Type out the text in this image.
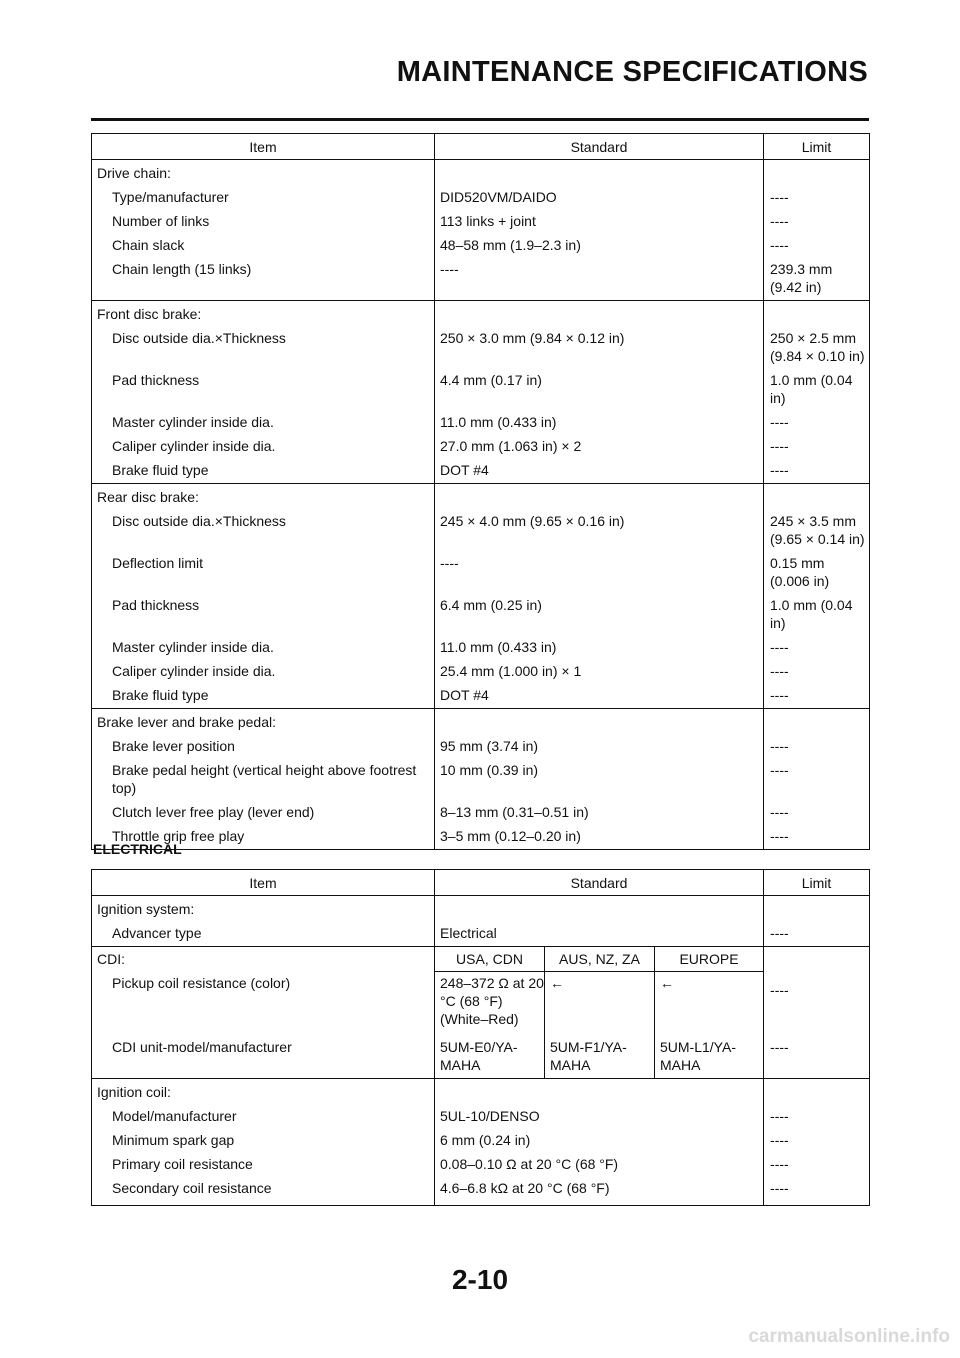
MAINTENANCE SPECIFICATIONS
Item	Standard	Limit
Drive chain:		
Type/manufacturer	DID520VM/DAIDO	----
Number of links	113 links + joint	----
Chain slack	48–58 mm (1.9–2.3 in)	----
Chain length (15 links)	----	239.3 mm (9.42 in)
Front disc brake:		
Disc outside dia.×Thickness	250 × 3.0 mm (9.84 × 0.12 in)	250 × 2.5 mm (9.84 × 0.10 in)
Pad thickness	4.4 mm (0.17 in)	1.0 mm (0.04 in)
Master cylinder inside dia.	11.0 mm (0.433 in)	----
Caliper cylinder inside dia.	27.0 mm (1.063 in) × 2	----
Brake fluid type	DOT #4	----
Rear disc brake:		
Disc outside dia.×Thickness	245 × 4.0 mm (9.65 × 0.16 in)	245 × 3.5 mm (9.65 × 0.14 in)
Deflection limit	----	0.15 mm (0.006 in)
Pad thickness	6.4 mm (0.25 in)	1.0 mm (0.04 in)
Master cylinder inside dia.	11.0 mm (0.433 in)	----
Caliper cylinder inside dia.	25.4 mm (1.000 in) × 1	----
Brake fluid type	DOT #4	----
Brake lever and brake pedal:		
Brake lever position	95 mm (3.74 in)	----
Brake pedal height (vertical height above footrest top)	10 mm (0.39 in)	----
Clutch lever free play (lever end)	8–13 mm (0.31–0.51 in)	----
Throttle grip free play	3–5 mm (0.12–0.20 in)	----
ELECTRICAL
Item	Standard			Limit
Ignition system:				
Advancer type	Electrical			----
CDI:	USA, CDN	AUS, NZ, ZA	EUROPE	----
Pickup coil resistance (color)	248–372 Ω at 20 °C (68 °F) (White–Red)	←	←	
CDI unit-model/manufacturer	5UM-E0/YA-MAHA	5UM-F1/YA-MAHA	5UM-L1/YA-MAHA	----
Ignition coil:				
Model/manufacturer	5UL-10/DENSO			----
Minimum spark gap	6 mm (0.24 in)			----
Primary coil resistance	0.08–0.10 Ω at 20 °C (68 °F)			----
Secondary coil resistance	4.6–6.8 kΩ at 20 °C (68 °F)			----
2-10
carmanualsonline.info
